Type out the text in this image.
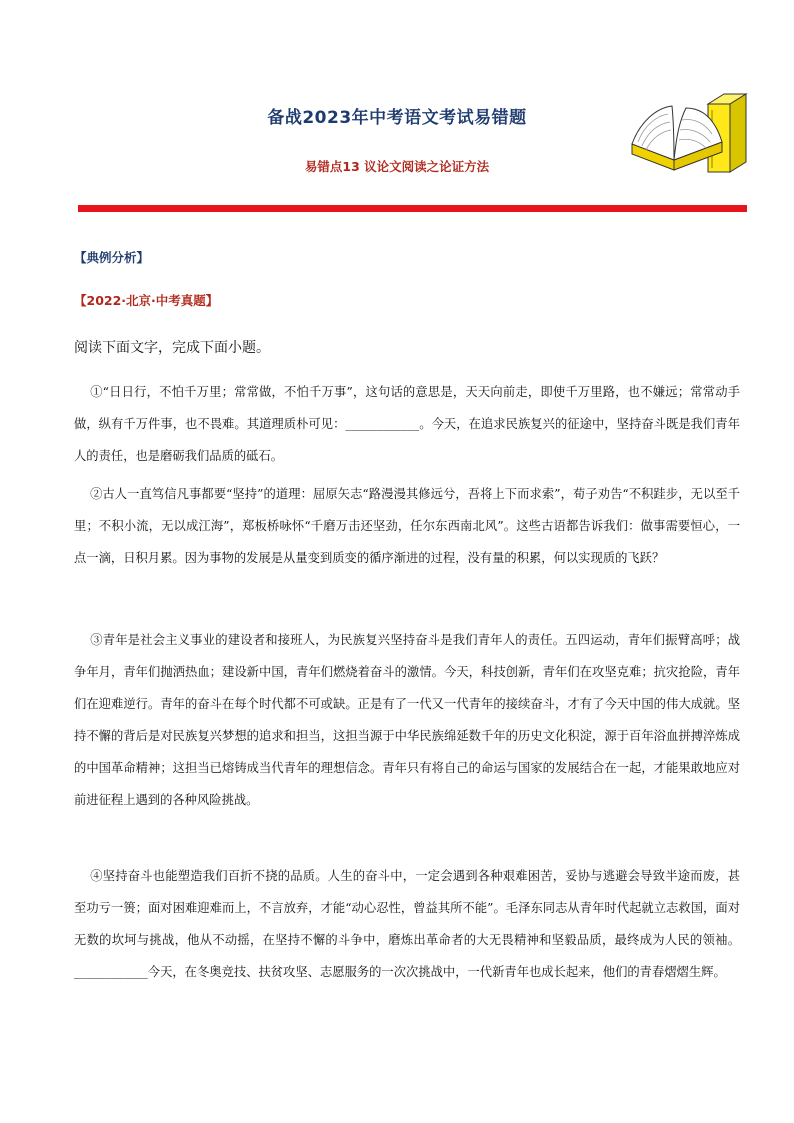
备战2023年中考语文考试易错题
易错点13 议论文阅读之论证方法
【典例分析】
【2022·北京·中考真题】
阅读下面文字，完成下面小题。
①“日日行，不怕千万里；常常做，不怕千万事”，这句话的意思是，天天向前走，即使千万里路，也不嫌远；常常动手做，纵有千万件事，也不畏难。其道理质朴可见：____________。今天，在追求民族复兴的征途中，坚持奋斗既是我们青年人的责任，也是磨砺我们品质的砥石。
②古人一直笃信凡事都要“坚持”的道理：屈原矢志“路漫漫其修远兮，吾将上下而求索”，荀子劝告“不积跬步，无以至千里；不积小流，无以成江海”，郑板桥咏怀“千磨万击还坚劲，任尔东西南北风”。这些古语都告诉我们：做事需要恒心，一点一滴，日积月累。因为事物的发展是从量变到质变的循序渐进的过程，没有量的积累，何以实现质的飞跃？
③青年是社会主义事业的建设者和接班人，为民族复兴坚持奋斗是我们青年人的责任。五四运动，青年们振臂高呼；战争年月，青年们抛洒热血；建设新中国，青年们燃烧着奋斗的激情。今天，科技创新，青年们在攻坚克难；抗灾抢险，青年们在迎难逆行。青年的奋斗在每个时代都不可或缺。正是有了一代又一代青年的接续奋斗，才有了今天中国的伟大成就。坚持不懈的背后是对民族复兴梦想的追求和担当，这担当源于中华民族绵延数千年的历史文化积淀，源于百年浴血拼搏淬炼成的中国革命精神；这担当已熔铸成当代青年的理想信念。青年只有将自己的命运与国家的发展结合在一起，才能果敢地应对前进征程上遇到的各种风险挑战。
④坚持奋斗也能塑造我们百折不挠的品质。人生的奋斗中，一定会遇到各种艰难困苦，妥协与逃避会导致半途而废，甚至功亏一篑；面对困难迎难而上，不言放弃，才能“动心忍性，曾益其所不能”。毛泽东同志从青年时代起就立志救国，面对无数的坎坷与挑战，他从不动摇，在坚持不懈的斗争中，磨炼出革命者的大无畏精神和坚毅品质，最终成为人民的领袖。____________今天，在冬奥竞技、扶贫攻坚、志愿服务的一次次挑战中，一代新青年也成长起来，他们的青春熠熠生辉。
